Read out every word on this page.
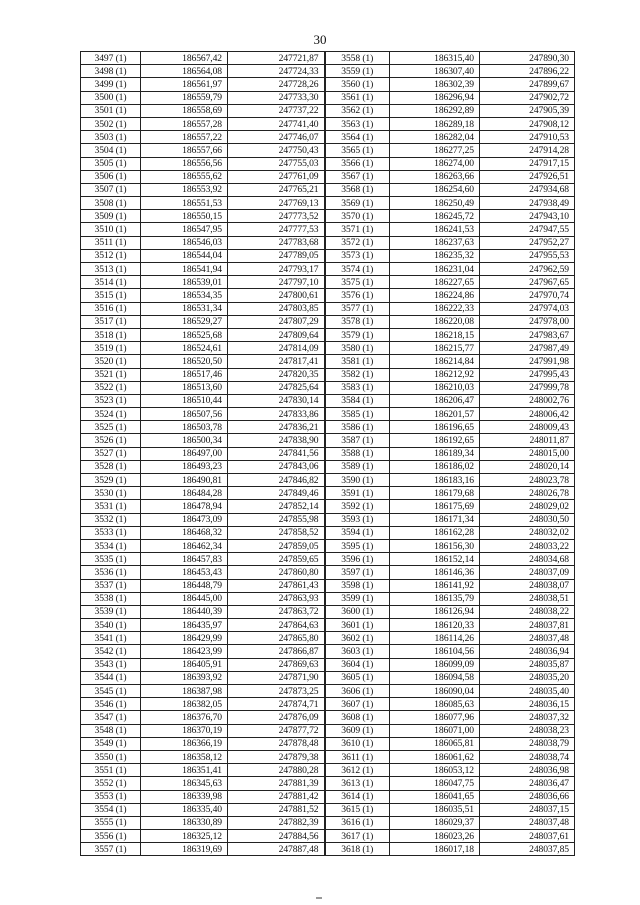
30
3497 (1)	186567,42	247721,87	3558 (1)	186315,40	247890,30
3498 (1)	186564,08	247724,33	3559 (1)	186307,40	247896,22
3499 (1)	186561,97	247728,26	3560 (1)	186302,39	247899,67
3500 (1)	186559,79	247733,30	3561 (1)	186296,94	247902,72
3501 (1)	186558,69	247737,22	3562 (1)	186292,89	247905,39
3502 (1)	186557,28	247741,40	3563 (1)	186289,18	247908,12
3503 (1)	186557,22	247746,07	3564 (1)	186282,04	247910,53
3504 (1)	186557,66	247750,43	3565 (1)	186277,25	247914,28
3505 (1)	186556,56	247755,03	3566 (1)	186274,00	247917,15
3506 (1)	186555,62	247761,09	3567 (1)	186263,66	247926,51
3507 (1)	186553,92	247765,21	3568 (1)	186254,60	247934,68
3508 (1)	186551,53	247769,13	3569 (1)	186250,49	247938,49
3509 (1)	186550,15	247773,52	3570 (1)	186245,72	247943,10
3510 (1)	186547,95	247777,53	3571 (1)	186241,53	247947,55
3511 (1)	186546,03	247783,68	3572 (1)	186237,63	247952,27
3512 (1)	186544,04	247789,05	3573 (1)	186235,32	247955,53
3513 (1)	186541,94	247793,17	3574 (1)	186231,04	247962,59
3514 (1)	186539,01	247797,10	3575 (1)	186227,65	247967,65
3515 (1)	186534,35	247800,61	3576 (1)	186224,86	247970,74
3516 (1)	186531,34	247803,85	3577 (1)	186222,33	247974,03
3517 (1)	186529,27	247807,29	3578 (1)	186220,08	247978,00
3518 (1)	186525,68	247809,64	3579 (1)	186218,15	247983,67
3519 (1)	186524,61	247814,09	3580 (1)	186215,77	247987,49
3520 (1)	186520,50	247817,41	3581 (1)	186214,84	247991,98
3521 (1)	186517,46	247820,35	3582 (1)	186212,92	247995,43
3522 (1)	186513,60	247825,64	3583 (1)	186210,03	247999,78
3523 (1)	186510,44	247830,14	3584 (1)	186206,47	248002,76
3524 (1)	186507,56	247833,86	3585 (1)	186201,57	248006,42
3525 (1)	186503,78	247836,21	3586 (1)	186196,65	248009,43
3526 (1)	186500,34	247838,90	3587 (1)	186192,65	248011,87
3527 (1)	186497,00	247841,56	3588 (1)	186189,34	248015,00
3528 (1)	186493,23	247843,06	3589 (1)	186186,02	248020,14
3529 (1)	186490,81	247846,82	3590 (1)	186183,16	248023,78
3530 (1)	186484,28	247849,46	3591 (1)	186179,68	248026,78
3531 (1)	186478,94	247852,14	3592 (1)	186175,69	248029,02
3532 (1)	186473,09	247855,98	3593 (1)	186171,34	248030,50
3533 (1)	186468,32	247858,52	3594 (1)	186162,28	248032,02
3534 (1)	186462,34	247859,05	3595 (1)	186156,30	248033,22
3535 (1)	186457,83	247859,65	3596 (1)	186152,14	248034,68
3536 (1)	186453,43	247860,80	3597 (1)	186146,36	248037,09
3537 (1)	186448,79	247861,43	3598 (1)	186141,92	248038,07
3538 (1)	186445,00	247863,93	3599 (1)	186135,79	248038,51
3539 (1)	186440,39	247863,72	3600 (1)	186126,94	248038,22
3540 (1)	186435,97	247864,63	3601 (1)	186120,33	248037,81
3541 (1)	186429,99	247865,80	3602 (1)	186114,26	248037,48
3542 (1)	186423,99	247866,87	3603 (1)	186104,56	248036,94
3543 (1)	186405,91	247869,63	3604 (1)	186099,09	248035,87
3544 (1)	186393,92	247871,90	3605 (1)	186094,58	248035,20
3545 (1)	186387,98	247873,25	3606 (1)	186090,04	248035,40
3546 (1)	186382,05	247874,71	3607 (1)	186085,63	248036,15
3547 (1)	186376,70	247876,09	3608 (1)	186077,96	248037,32
3548 (1)	186370,19	247877,72	3609 (1)	186071,00	248038,23
3549 (1)	186366,19	247878,48	3610 (1)	186065,81	248038,79
3550 (1)	186358,12	247879,38	3611 (1)	186061,62	248038,74
3551 (1)	186351,41	247880,28	3612 (1)	186053,12	248036,98
3552 (1)	186345,63	247881,39	3613 (1)	186047,75	248036,47
3553 (1)	186339,98	247881,42	3614 (1)	186041,65	248036,66
3554 (1)	186335,40	247881,52	3615 (1)	186035,51	248037,15
3555 (1)	186330,89	247882,39	3616 (1)	186029,37	248037,48
3556 (1)	186325,12	247884,56	3617 (1)	186023,26	248037,61
3557 (1)	186319,69	247887,48	3618 (1)	186017,18	248037,85
